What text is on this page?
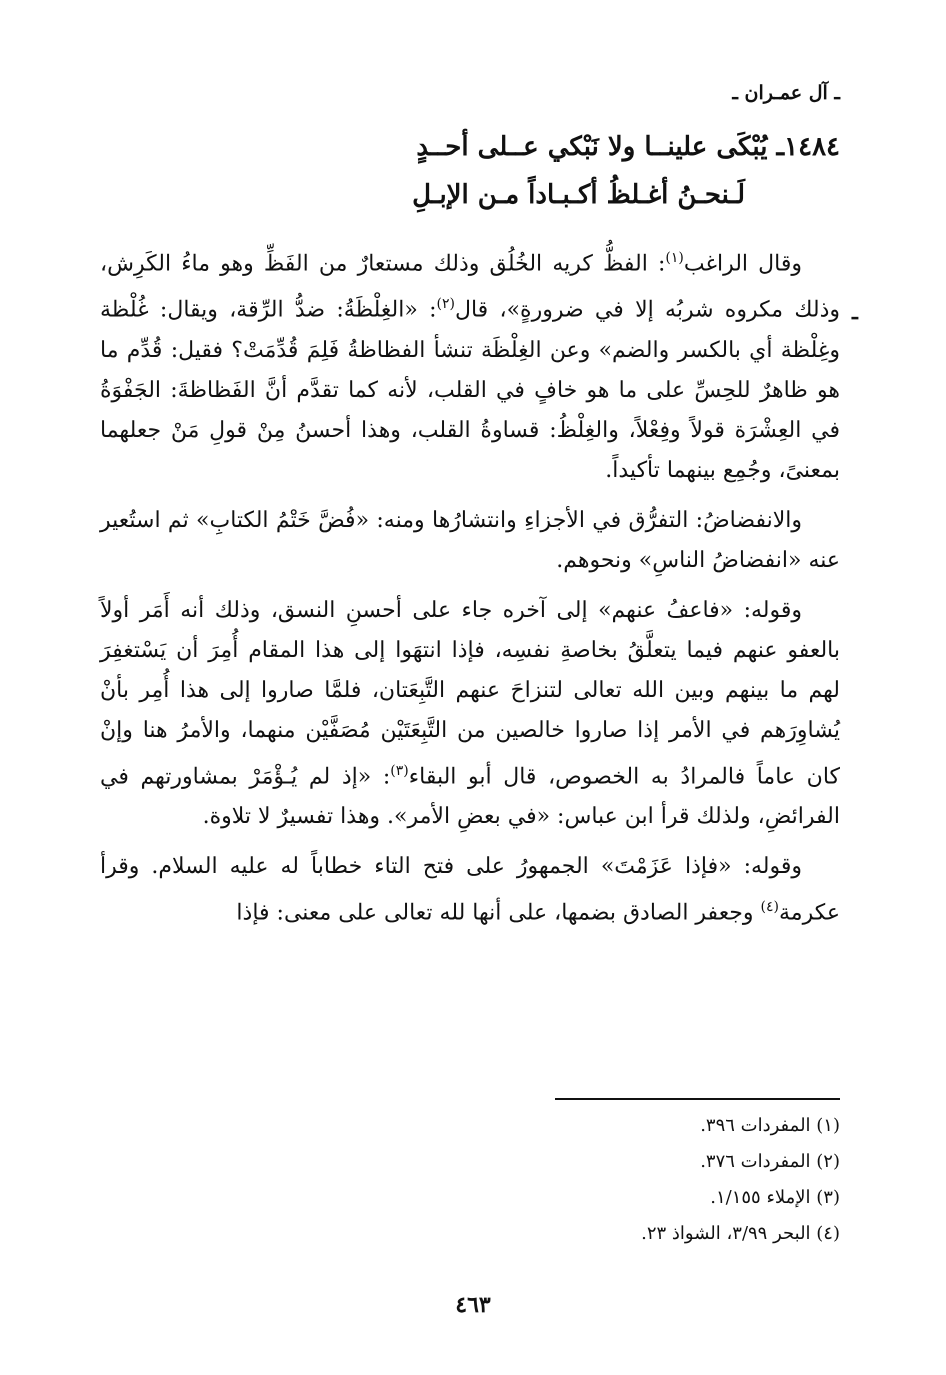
ـ آل عمـران ـ
ـ
١٤٨٤ـ يُبْكَى علينــا ولا نَبْكي عــلى أحــدٍ
لَـنحـنُ أغـلظُ أكـبـاداً مـن الإبـلِ

وقال الراغب$^{(١)}$: الفظُّ كريه الخُلُق وذلك مستعارٌ من الفَظِّ وهو ماءُ الكَرِش، وذلك مكروه شربُه إلا في ضرورةٍ»، قال$^{(٢)}$: «الغِلْظَةُ: ضدُّ الرِّقة، ويقال: غُلْظة وغِلْظة أي بالكسر والضم» وعن الغِلْظَة تنشأ الفظاظةُ فَلِمَ قُدِّمَتْ؟ فقيل: قُدِّم ما هو ظاهرٌ للحِسِّ على ما هو خافٍ في القلب، لأنه كما تقدَّم أنَّ الفَظاظةَ: الجَفْوَةُ في العِشْرَة قولاً وفِعْلاً، والغِلْظُ: قساوةُ القلب، وهذا أحسنُ مِنْ قولِ مَنْ جعلهما بمعنىً، وجُمِع بينهما تأكيداً.

والانفضاضُ: التفرُّق في الأجزاءِ وانتشارُها ومنه: «فُضَّ خَتْمُ الكتابِ» ثم استُعير عنه «انفضاضُ الناسِ» ونحوهم.

وقوله: «فاعفُ عنهم» إلى آخره جاء على أحسنِ النسق، وذلك أنه أَمَر أولاً بالعفو عنهم فيما يتعلَّقُ بخاصةِ نفسِه، فإذا انتهَوا إلى هذا المقام أُمِرَ أن يَسْتغفِرَ لهم ما بينهم وبين الله تعالى لتنزاحَ عنهم التَّبِعَتان، فلمَّا صاروا إلى هذا أُمِر بأنْ يُشاوِرَهم في الأمر إذا صاروا خالصين من التَّبِعَتَيْن مُصَفَّيْن منهما، والأمرُ هنا وإنْ كان عاماً فالمرادُ به الخصوص، قال أبو البقاء$^{(٣)}$: «إذ لم يُـؤْمَرْ بمشاورتهم في الفرائضِ، ولذلك قرأ ابن عباس: «في بعضِ الأمر». وهذا تفسيرٌ لا تلاوة.

وقوله: «فإذا عَزَمْتَ» الجمهورُ على فتح التاء خطاباً له عليه السلام. وقرأ عكرمة$^{(٤)}$ وجعفر الصادق بضمها، على أنها لله تعالى على معنى: فإذا

(١) المفردات ٣٩٦.
(٢) المفردات ٣٧٦.
(٣) الإملاء ١/١٥٥.
(٤) البحر ٣/٩٩، الشواذ ٢٣.
٤٦٣
